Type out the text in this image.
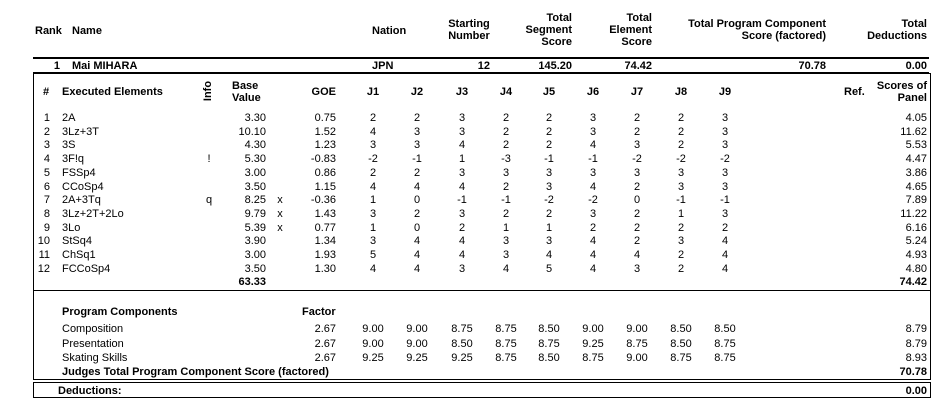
Rank Name	Nation
Starting
Number
Total
Segment
Score
Total
Element
Score
Total Program Component
Score (factored)
Total
Deductions
1 Mai MIHARA	JPN	12	145.20	74.42	70.78	0.00
# Executed Elements	Info Base
Value	GOE	J1	J2	J3	J4	J5	J6	J7	J8	J9	Ref.	Scores of
Panel
1 2A	3.30	0.75	2	2	3	2	2	3	2	2	3	4.05
2 3Lz+3T	10.10	1.52	4	3	3	2	2	3	2	2	3	11.62
3 3S	4.30	1.23	3	3	4	2	2	4	3	2	3	5.53
4 3F!q	!	5.30	-0.83	-2	-1	1	-3	-1	-1	-2	-2	-2	4.47
5 FSSp4	3.00	0.86	2	2	3	3	3	3	3	3	3	3.86
6 CCoSp4	3.50	1.15	4	4	4	2	3	4	2	3	3	4.65
7 2A+3Tq	q	8.25 x	-0.36	1	0	-1	-1	-2	-2	0	-1	-1	7.89
8 3Lz+2T+2Lo	9.79 x	1.43	3	2	3	2	2	3	2	1	3	11.22
9 3Lo	5.39 x	0.77	1	0	2	1	1	2	2	2	2	6.16
10 StSq4	3.90	1.34	3	4	4	3	3	4	2	3	4	5.24
11 ChSq1	3.00	1.93	5	4	4	3	4	4	4	2	4	4.93
12 FCCoSp4	3.50	1.30	4	4	3	4	5	4	3	2	4	4.80
63.33	74.42
Program Components	Factor
Composition	2.67	9.00	9.00	8.75	8.75	8.50	9.00	9.00	8.50	8.50	8.79
Presentation	2.67	9.00	9.00	8.50	8.75	8.75	9.25	8.75	8.50	8.75	8.79
Skating Skills	2.67	9.25	9.25	9.25	8.75	8.50	8.75	9.00	8.75	8.75	8.93
Judges Total Program Component Score (factored)	70.78
Deductions:	0.00
